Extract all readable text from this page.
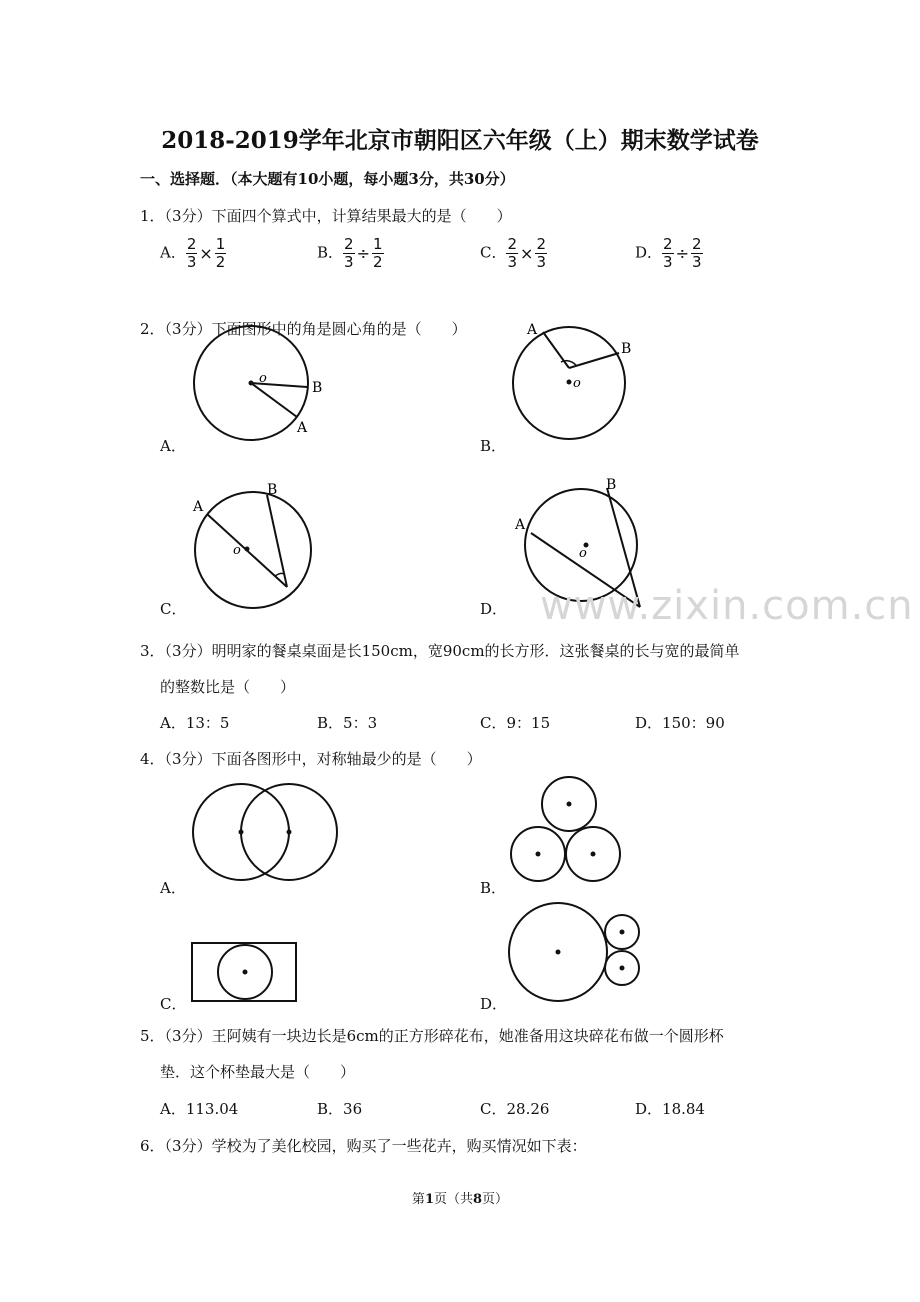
2018-2019学年北京市朝阳区六年级（上）期末数学试卷
一、选择题．（本大题有10小题，每小题3分，共30分）
1．（3分）下面四个算式中，计算结果最大的是（　　）
A． $\frac{2}{3} \times \frac{1}{2}$	B． $\frac{2}{3} \div \frac{1}{2}$	C． $\frac{2}{3} \times \frac{2}{3}$	D． $\frac{2}{3} \div \frac{2}{3}$
2．（3分）下面图形中的角是圆心角的是（　　）
A．
o
B
A
B．
o
A
B
C．
o
A
B
D．
o
A
B
3．（3分）明明家的餐桌桌面是长150cm，宽90cm的长方形．这张餐桌的长与宽的最简单
的整数比是（　　）
A．13：5	B．5：3	C．9：15	D．150：90
4．（3分）下面各图形中，对称轴最少的是（　　）
A．	B．
C．	D．
5．（3分）王阿姨有一块边长是6cm的正方形碎花布，她准备用这块碎花布做一个圆形杯
垫．这个杯垫最大是（　　）
A．113.04	B．36	C．28.26	D．18.84
6．（3分）学校为了美化校园，购买了一些花卉，购买情况如下表：
www.zixin.com.cn
第1页（共8页）
